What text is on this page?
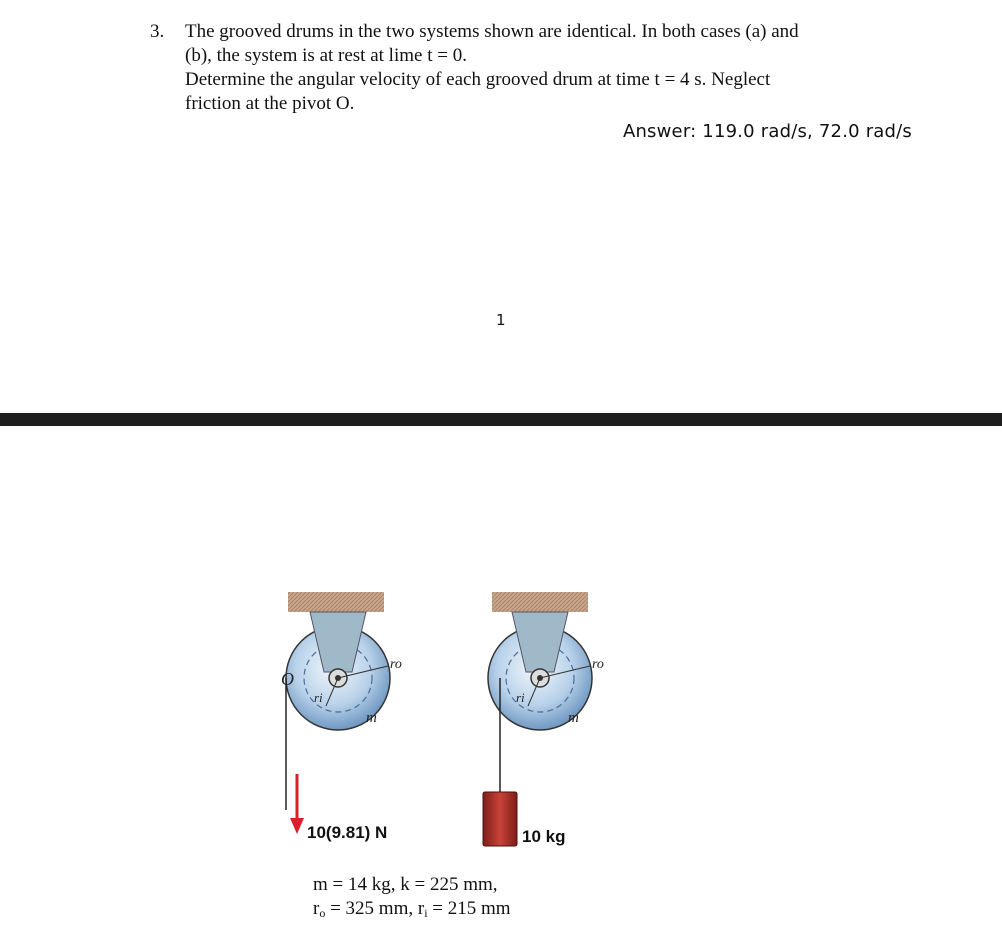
3. The grooved drums in the two systems shown are identical. In both cases (a) and
(b), the system is at rest at lime t = 0.
Determine the angular velocity of each grooved drum at time t = 4 s. Neglect
friction at the pivot O.
Answer: 119.0 rad/s, 72.0 rad/s
1
O
ro
ri
m
10(9.81) N
ro
ri
m
10 kg
m = 14 kg, k = 225 mm,
$r_o = 325$ mm, $r_i = 215$ mm
